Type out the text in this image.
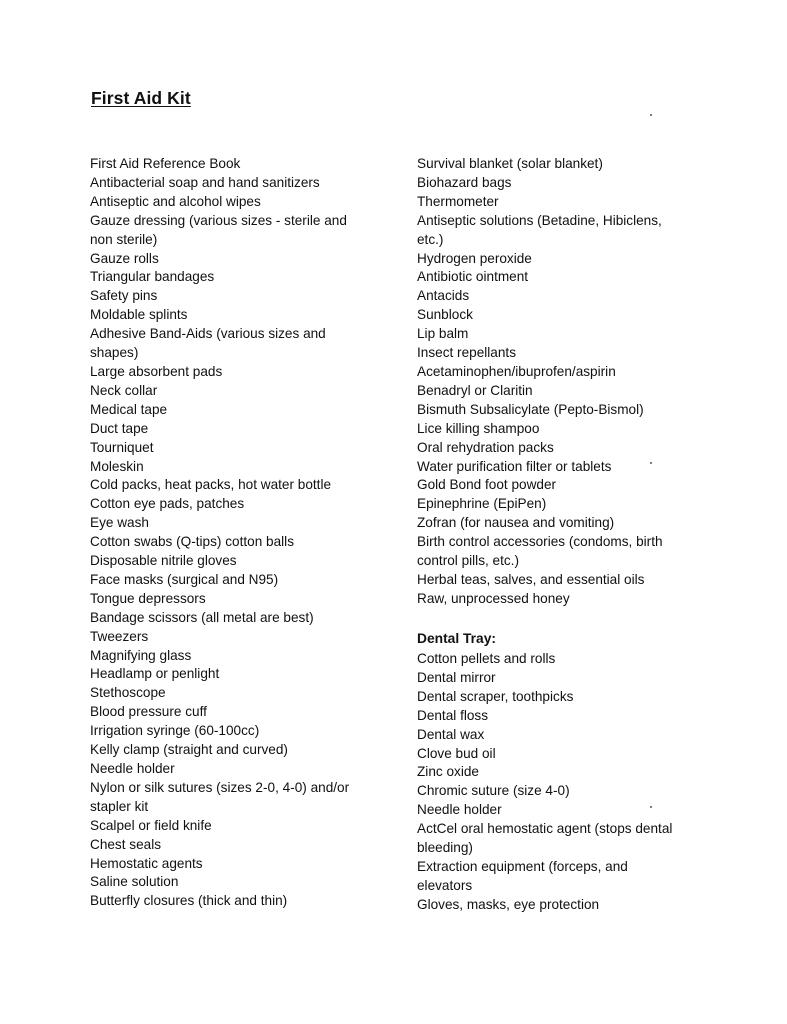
First Aid Kit
First Aid Reference Book
Antibacterial soap and hand sanitizers
Antiseptic and alcohol wipes
Gauze dressing (various sizes - sterile and
non sterile)
Gauze rolls
Triangular bandages
Safety pins
Moldable splints
Adhesive Band-Aids (various sizes and
shapes)
Large absorbent pads
Neck collar
Medical tape
Duct tape
Tourniquet
Moleskin
Cold packs, heat packs, hot water bottle
Cotton eye pads, patches
Eye wash
Cotton swabs (Q-tips) cotton balls
Disposable nitrile gloves
Face masks (surgical and N95)
Tongue depressors
Bandage scissors (all metal are best)
Tweezers
Magnifying glass
Headlamp or penlight
Stethoscope
Blood pressure cuff
Irrigation syringe (60-100cc)
Kelly clamp (straight and curved)
Needle holder
Nylon or silk sutures (sizes 2-0, 4-0) and/or
stapler kit
Scalpel or field knife
Chest seals
Hemostatic agents
Saline solution
Butterfly closures (thick and thin)
Survival blanket (solar blanket)
Biohazard bags
Thermometer
Antiseptic solutions (Betadine, Hibiclens,
etc.)
Hydrogen peroxide
Antibiotic ointment
Antacids
Sunblock
Lip balm
Insect repellants
Acetaminophen/ibuprofen/aspirin
Benadryl or Claritin
Bismuth Subsalicylate (Pepto-Bismol)
Lice killing shampoo
Oral rehydration packs
Water purification filter or tablets
Gold Bond foot powder
Epinephrine (EpiPen)
Zofran (for nausea and vomiting)
Birth control accessories (condoms, birth
control pills, etc.)
Herbal teas, salves, and essential oils
Raw, unprocessed honey
Dental Tray:
Cotton pellets and rolls
Dental mirror
Dental scraper, toothpicks
Dental floss
Dental wax
Clove bud oil
Zinc oxide
Chromic suture (size 4-0)
Needle holder
ActCel oral hemostatic agent (stops dental
bleeding)
Extraction equipment (forceps, and
elevators
Gloves, masks, eye protection
